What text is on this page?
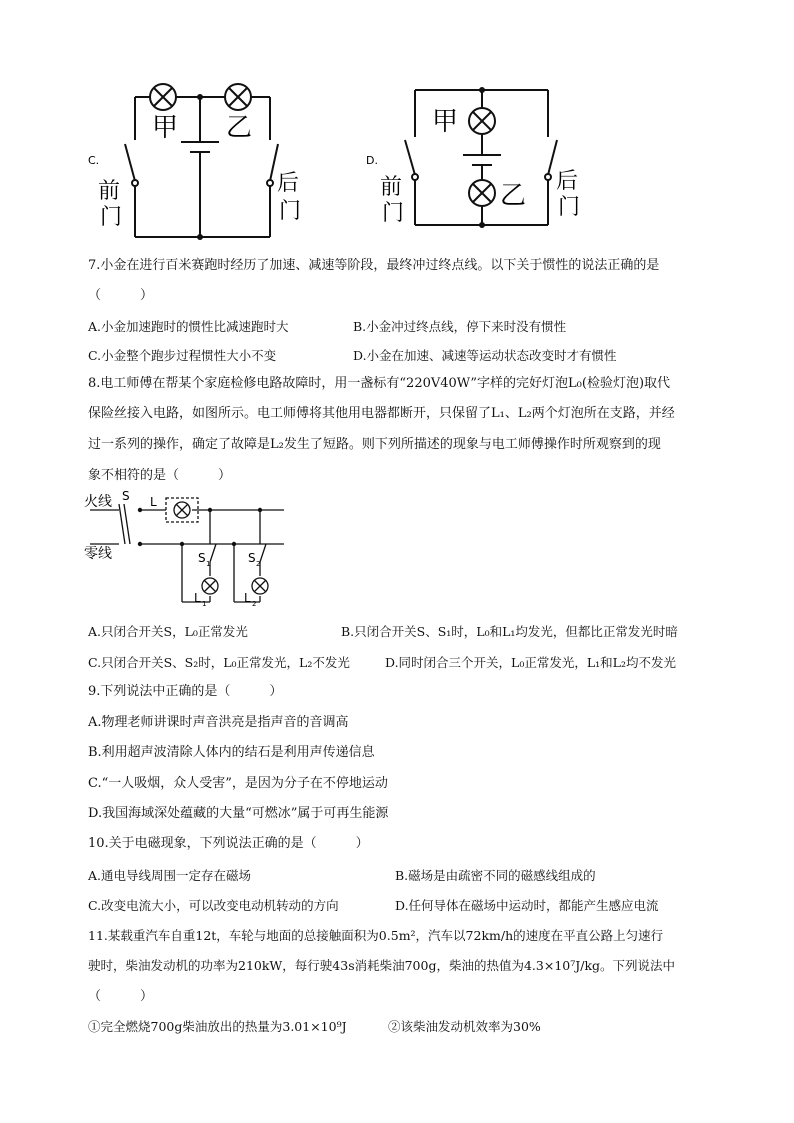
C.
甲 乙
前
门
后
门
D.
甲
乙
前
门
后
门
7.小金在进行百米赛跑时经历了加速、减速等阶段，最终冲过终点线。以下关于惯性的说法正确的是
（　　　）
A.小金加速跑时的惯性比减速跑时大	B.小金冲过终点线，停下来时没有惯性
C.小金整个跑步过程惯性大小不变	D.小金在加速、减速等运动状态改变时才有惯性
8.电工师傅在帮某个家庭检修电路故障时，用一盏标有“220V40W”字样的完好灯泡L₀(检验灯泡)取代
保险丝接入电路，如图所示。电工师傅将其他用电器都断开，只保留了L₁、L₂两个灯泡所在支路，并经
过一系列的操作，确定了故障是L₂发生了短路。则下列所描述的现象与电工师傅操作时所观察到的现
象不相符的是（　　　）
火线
零线
S L
S 1	S 2
L 1	L 2
A.只闭合开关S，L₀正常发光	B.只闭合开关S、S₁时，L₀和L₁均发光，但都比正常发光时暗
C.只闭合开关S、S₂时，L₀正常发光，L₂不发光	D.同时闭合三个开关，L₀正常发光，L₁和L₂均不发光
9.下列说法中正确的是（　　　）
A.物理老师讲课时声音洪亮是指声音的音调高
B.利用超声波清除人体内的结石是利用声传递信息
C.“一人吸烟，众人受害”，是因为分子在不停地运动
D.我国海域深处蕴藏的大量“可燃冰”属于可再生能源
10.关于电磁现象，下列说法正确的是（　　　）
A.通电导线周围一定存在磁场	B.磁场是由疏密不同的磁感线组成的
C.改变电流大小，可以改变电动机转动的方向	D.任何导体在磁场中运动时，都能产生感应电流
11.某载重汽车自重12t，车轮与地面的总接触面积为0.5m²，汽车以72km/h的速度在平直公路上匀速行
驶时，柴油发动机的功率为210kW，每行驶43s消耗柴油700g，柴油的热值为4.3×10⁷J/kg。下列说法中
（　　　）
①完全燃烧700g柴油放出的热量为3.01×10⁹J	②该柴油发动机效率为30%
